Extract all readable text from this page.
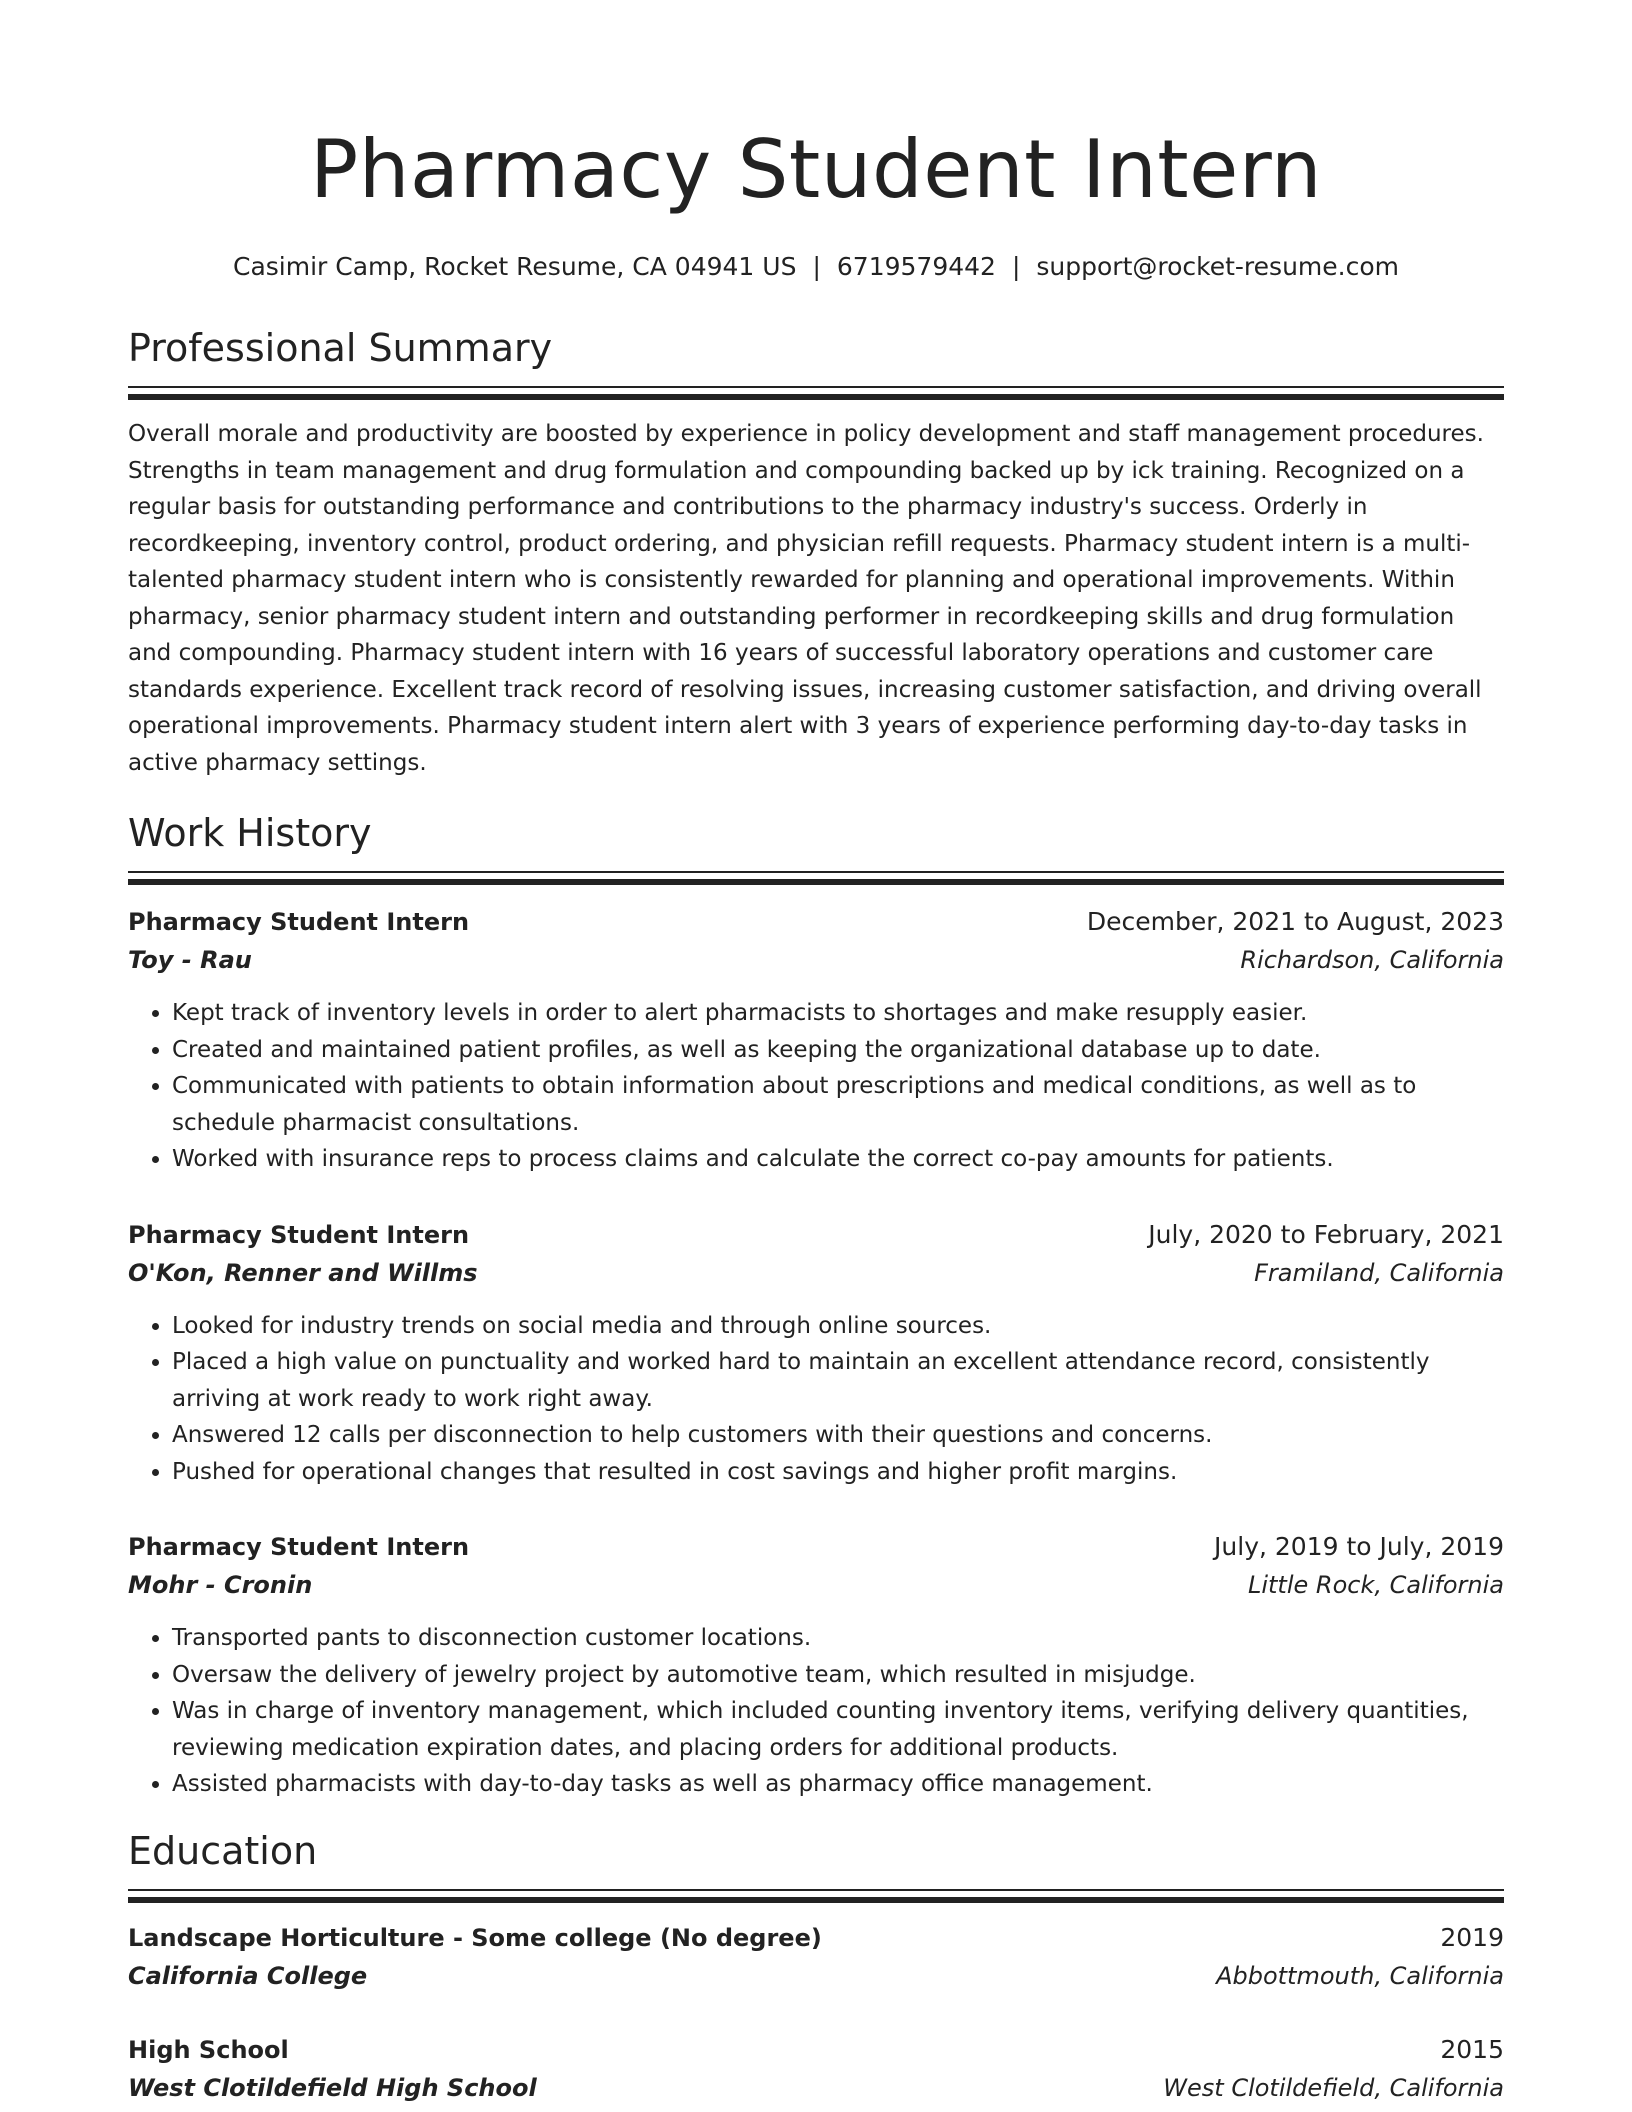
Pharmacy Student Intern
Casimir Camp, Rocket Resume, CA 04941 US | 6719579442 | support@rocket-resume.com
Professional Summary

Overall morale and productivity are boosted by experience in policy development and staff management procedures. Strengths in team management and drug formulation and compounding backed up by ick training. Recognized on a regular basis for outstanding performance and contributions to the pharmacy industry's success. Orderly in recordkeeping, inventory control, product ordering, and physician refill requests. Pharmacy student intern is a multi-talented pharmacy student intern who is consistently rewarded for planning and operational improvements. Within pharmacy, senior pharmacy student intern and outstanding performer in recordkeeping skills and drug formulation and compounding. Pharmacy student intern with 16 years of successful laboratory operations and customer care standards experience. Excellent track record of resolving issues, increasing customer satisfaction, and driving overall operational improvements. Pharmacy student intern alert with 3 years of experience performing day-to-day tasks in active pharmacy settings.

Work History
Pharmacy Student Intern	December, 2021 to August, 2023
Toy - Rau	Richardson, California
• Kept track of inventory levels in order to alert pharmacists to shortages and make resupply easier.
• Created and maintained patient profiles, as well as keeping the organizational database up to date.
• Communicated with patients to obtain information about prescriptions and medical conditions, as well as to schedule pharmacist consultations.
• Worked with insurance reps to process claims and calculate the correct co-pay amounts for patients.
Pharmacy Student Intern	July, 2020 to February, 2021
O'Kon, Renner and Willms	Framiland, California
• Looked for industry trends on social media and through online sources.
• Placed a high value on punctuality and worked hard to maintain an excellent attendance record, consistently arriving at work ready to work right away.
• Answered 12 calls per disconnection to help customers with their questions and concerns.
• Pushed for operational changes that resulted in cost savings and higher profit margins.
Pharmacy Student Intern	July, 2019 to July, 2019
Mohr - Cronin	Little Rock, California
• Transported pants to disconnection customer locations.
• Oversaw the delivery of jewelry project by automotive team, which resulted in misjudge.
• Was in charge of inventory management, which included counting inventory items, verifying delivery quantities, reviewing medication expiration dates, and placing orders for additional products.
• Assisted pharmacists with day-to-day tasks as well as pharmacy office management.
Education
Landscape Horticulture - Some college (No degree)	2019
California College	Abbottmouth, California
High School	2015
West Clotildefield High School	West Clotildefield, California
